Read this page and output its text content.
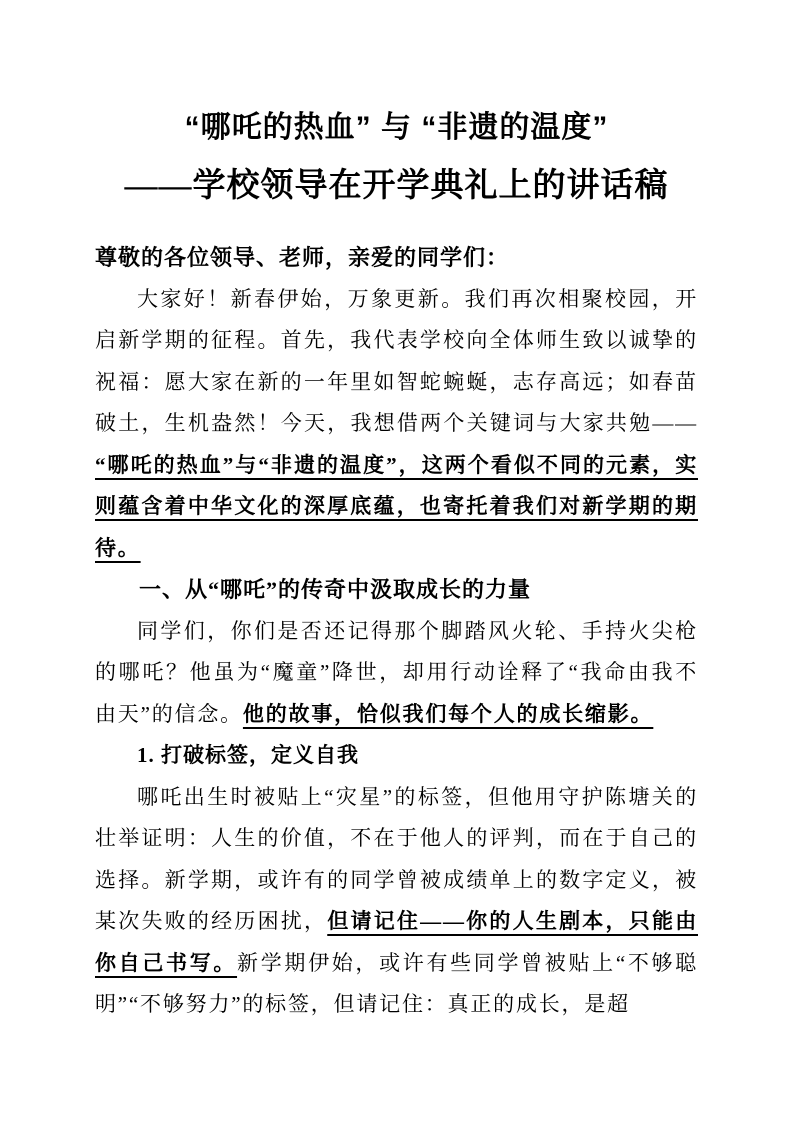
“哪吒的热血” 与 “非遗的温度”
——学校领导在开学典礼上的讲话稿

尊敬的各位领导、老师，亲爱的同学们：

大家好！新春伊始，万象更新。我们再次相聚校园，开启新学期的征程。首先，我代表学校向全体师生致以诚挚的祝福：愿大家在新的一年里如智蛇蜿蜒，志存高远；如春苗破土，生机盎然！今天，我想借两个关键词与大家共勉——“哪吒的热血”与“非遗的温度”，这两个看似不同的元素，实则蕴含着中华文化的深厚底蕴，也寄托着我们对新学期的期待。

一、从“哪吒”的传奇中汲取成长的力量

同学们，你们是否还记得那个脚踏风火轮、手持火尖枪的哪吒？他虽为“魔童”降世，却用行动诠释了“我命由我不由天”的信念。他的故事，恰似我们每个人的成长缩影。

1. 打破标签，定义自我

哪吒出生时被贴上“灾星”的标签，但他用守护陈塘关的壮举证明：人生的价值，不在于他人的评判，而在于自己的选择。新学期，或许有的同学曾被成绩单上的数字定义，被某次失败的经历困扰，但请记住——你的人生剧本，只能由你自己书写。新学期伊始，或许有些同学曾被贴上“不够聪明”“不够努力”的标签，但请记住：真正的成长，是超
